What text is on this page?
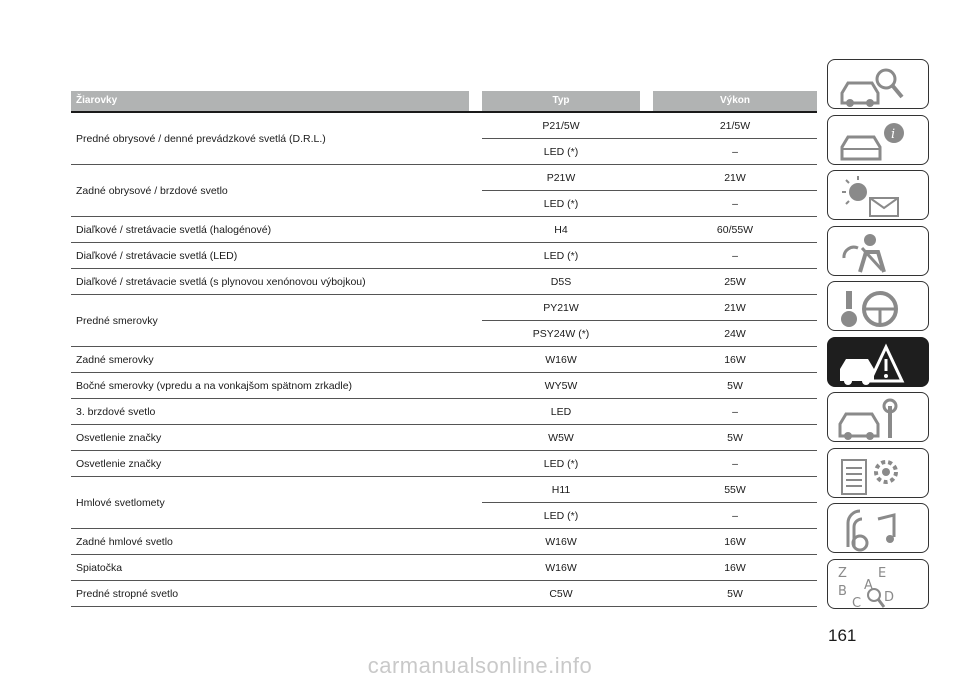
Žiarovky	Typ	Výkon
Predné obrysové / denné prevádzkové svetlá (D.R.L.)
P21/5W	21/5W
LED (*)	–
Zadné obrysové / brzdové svetlo
P21W	21W
LED (*)	–
Diaľkové / stretávacie svetlá (halogénové)	H4	60/55W
Diaľkové / stretávacie svetlá (LED)	LED (*)	–
Diaľkové / stretávacie svetlá (s plynovou xenónovou výbojkou)	D5S	25W
Predné smerovky
PY21W	21W
PSY24W (*)	24W
Zadné smerovky	W16W	16W
Bočné smerovky (vpredu a na vonkajšom spätnom zrkadle)	WY5W	5W
3. brzdové svetlo	LED	–
Osvetlenie značky	W5W	5W
Osvetlenie značky	LED (*)	–
Hmlové svetlomety
H11	55W
LED (*)	–
Zadné hmlové svetlo	W16W	16W
Spiatočka	W16W	16W
Predné stropné svetlo	C5W	5W
i
Z E
B A
D
C
161
carmanualsonline.info
